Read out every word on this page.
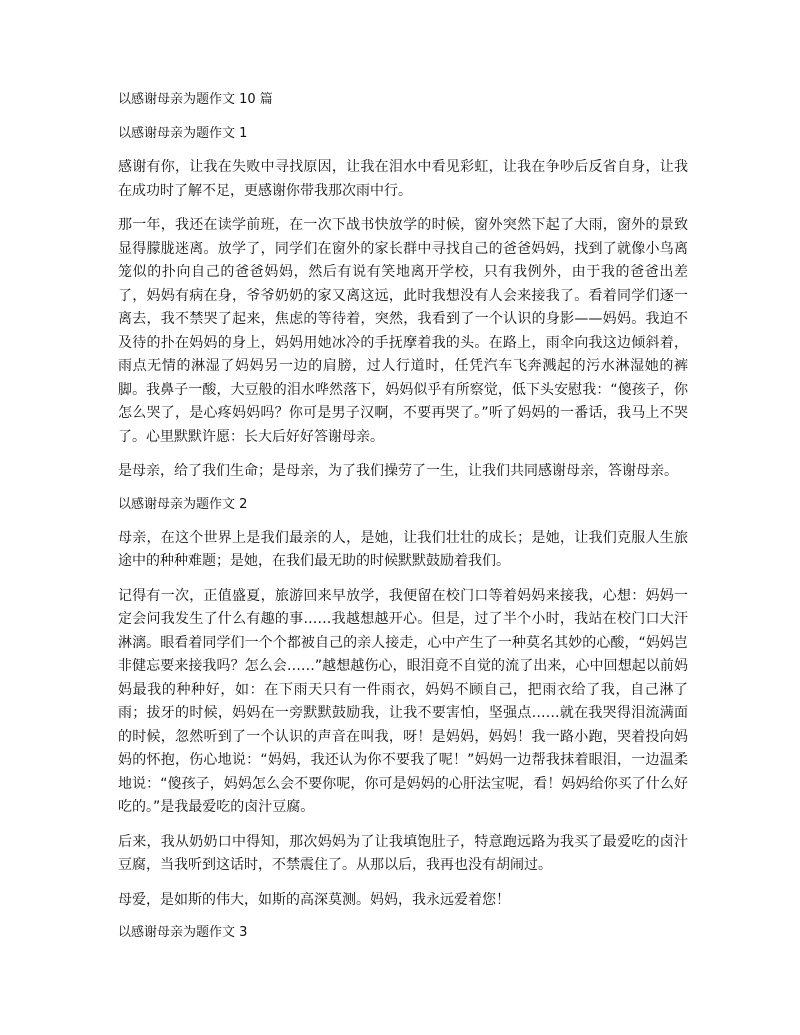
以感谢母亲为题作文 10 篇
以感谢母亲为题作文 1

感谢有你，让我在失败中寻找原因，让我在泪水中看见彩虹，让我在争吵后反省自身，让我在成功时了解不足，更感谢你带我那次雨中行。

那一年，我还在读学前班，在一次下战书快放学的时候，窗外突然下起了大雨，窗外的景致显得朦胧迷离。放学了，同学们在窗外的家长群中寻找自己的爸爸妈妈，找到了就像小鸟离笼似的扑向自己的爸爸妈妈，然后有说有笑地离开学校，只有我例外，由于我的爸爸出差了，妈妈有病在身，爷爷奶奶的家又离这远，此时我想没有人会来接我了。看着同学们逐一离去，我不禁哭了起来，焦虑的等待着，突然，我看到了一个认识的身影——妈妈。我迫不及待的扑在妈妈的身上，妈妈用她冰冷的手抚摩着我的头。在路上，雨伞向我这边倾斜着，雨点无情的淋湿了妈妈另一边的肩膀，过人行道时，任凭汽车飞奔溅起的污水淋湿她的裤脚。我鼻子一酸，大豆般的泪水哗然落下，妈妈似乎有所察觉，低下头安慰我：“傻孩子，你怎么哭了，是心疼妈妈吗？你可是男子汉啊，不要再哭了。”听了妈妈的一番话，我马上不哭了。心里默默许愿：长大后好好答谢母亲。

是母亲，给了我们生命；是母亲，为了我们操劳了一生，让我们共同感谢母亲，答谢母亲。

以感谢母亲为题作文 2

母亲，在这个世界上是我们最亲的人，是她，让我们壮壮的成长；是她，让我们克服人生旅途中的种种难题；是她，在我们最无助的时候默默鼓励着我们。

记得有一次，正值盛夏，旅游回来早放学，我便留在校门口等着妈妈来接我，心想：妈妈一定会问我发生了什么有趣的事……我越想越开心。但是，过了半个小时，我站在校门口大汗淋漓。眼看着同学们一个个都被自己的亲人接走，心中产生了一种莫名其妙的心酸，“妈妈岂非健忘要来接我吗？怎么会……”越想越伤心，眼泪竟不自觉的流了出来，心中回想起以前妈妈最我的种种好，如：在下雨天只有一件雨衣，妈妈不顾自己，把雨衣给了我，自己淋了雨；拔牙的时候，妈妈在一旁默默鼓励我，让我不要害怕，坚强点……就在我哭得泪流满面的时候，忽然听到了一个认识的声音在叫我，呀！是妈妈，妈妈！我一路小跑，哭着投向妈妈的怀抱，伤心地说：“妈妈，我还认为你不要我了呢！”妈妈一边帮我抹着眼泪，一边温柔地说：“傻孩子，妈妈怎么会不要你呢，你可是妈妈的心肝法宝呢，看！妈妈给你买了什么好吃的。”是我最爱吃的卤汁豆腐。

后来，我从奶奶口中得知，那次妈妈为了让我填饱肚子，特意跑远路为我买了最爱吃的卤汁豆腐，当我听到这话时，不禁震住了。从那以后，我再也没有胡闹过。

母爱，是如斯的伟大，如斯的高深莫测。妈妈，我永远爱着您！

以感谢母亲为题作文 3
